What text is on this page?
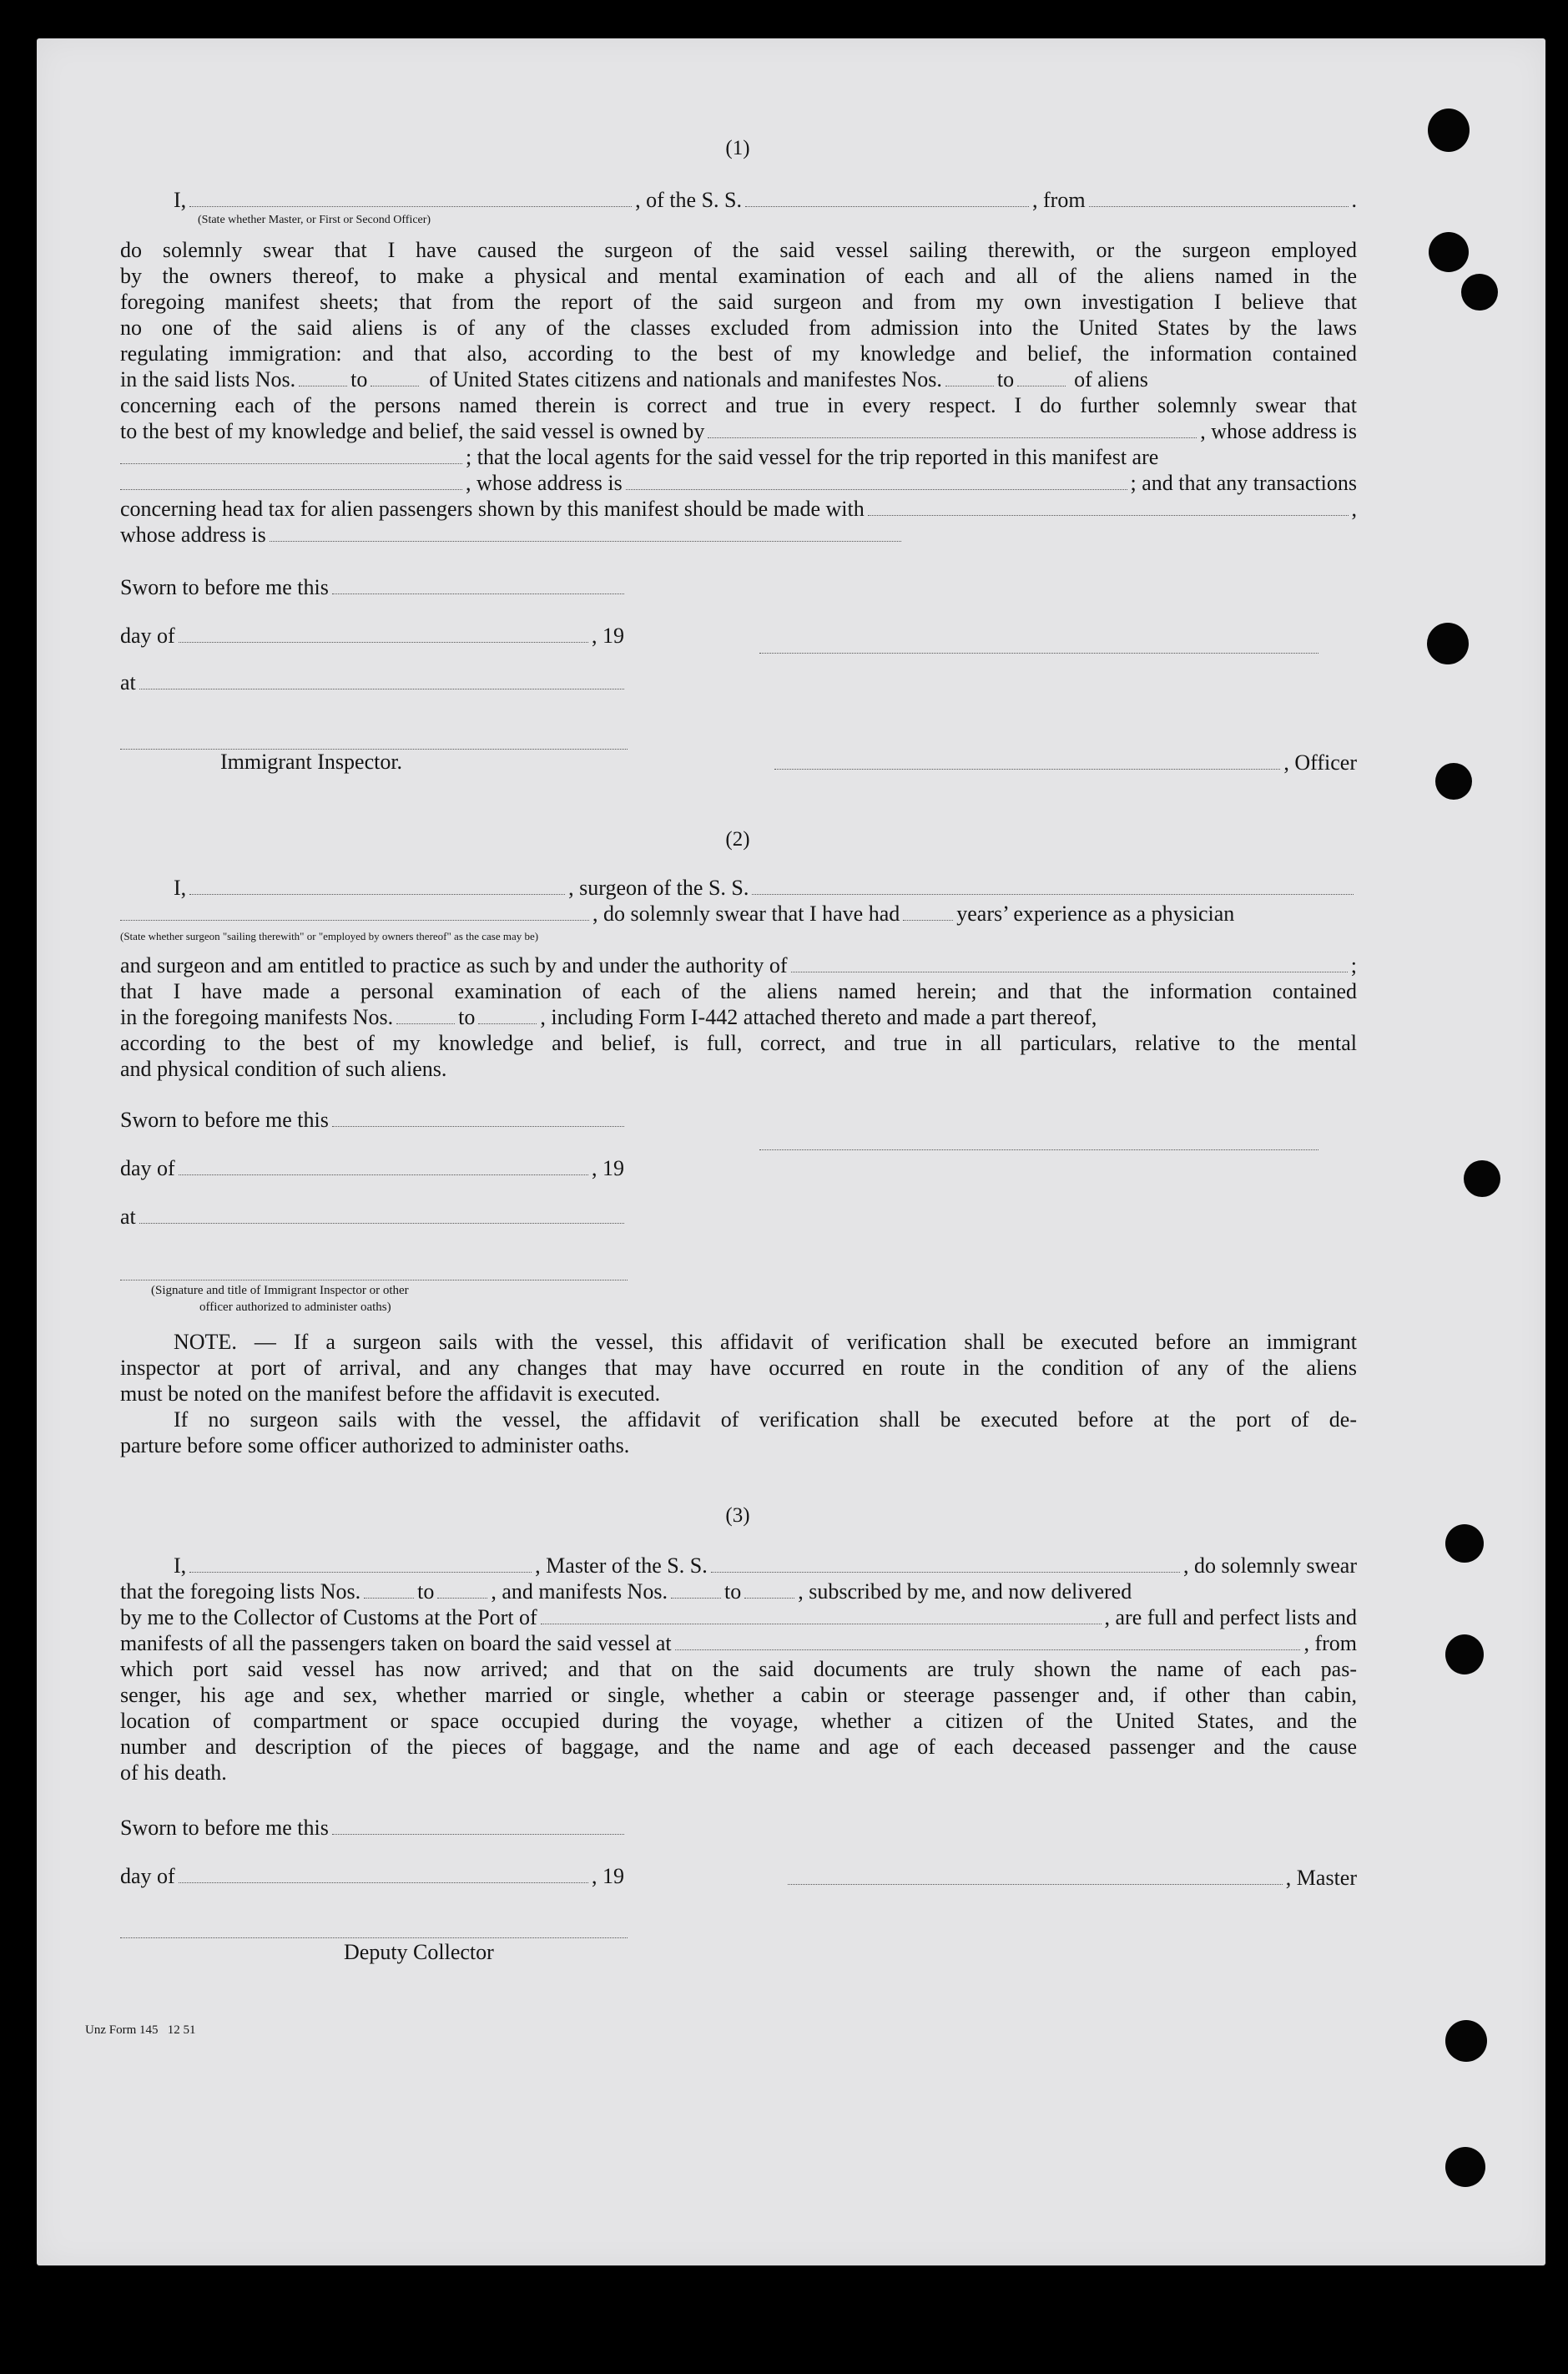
(1)
I,	, of the S. S.	, from	.
(State whether Master, or First or Second Officer)

do solemnly swear that I have caused the surgeon of the said vessel sailing therewith, or the surgeon employed

by the owners thereof, to make a physical and mental examination of each and all of the aliens named in the

foregoing manifest sheets; that from the report of the said surgeon and from my own investigation I believe that

no one of the said aliens is of any of the classes excluded from admission into the United States by the laws

regulating immigration: and that also, according to the best of my knowledge and belief, the information contained

in the said lists Nos.	to	of United States citizens and nationals and manifestes Nos.	to	of aliens

concerning each of the persons named therein is correct and true in every respect. I do further solemnly swear that

to the best of my knowledge and belief, the said vessel is owned by	, whose address is
; that the local agents for the said vessel for the trip reported in this manifest are
, whose address is	; and that any transactions
concerning head tax for alien passengers shown by this manifest should be made with	,
whose address is
Sworn to before me this
day of	, 19
at
Immigrant Inspector.	, Officer
(2)
I,	, surgeon of the S. S.
, do solemnly swear that I have had	years’ experience as a physician
(State whether surgeon "sailing therewith" or "employed by owners thereof" as the case may be)
and surgeon and am entitled to practice as such by and under the authority of	;

that I have made a personal examination of each of the aliens named herein; and that the information contained

in the foregoing manifests Nos.	to	, including Form I-442 attached thereto and made a part thereof,

according to the best of my knowledge and belief, is full, correct, and true in all particulars, relative to the mental

and physical condition of such aliens.

Sworn to before me this
day of	, 19
at
(Signature and title of Immigrant Inspector or other
officer authorized to administer oaths)

NOTE. — If a surgeon sails with the vessel, this affidavit of verification shall be executed before an immigrant

inspector at port of arrival, and any changes that may have occurred en route in the condition of any of the aliens

must be noted on the manifest before the affidavit is executed.

If no surgeon sails with the vessel, the affidavit of verification shall be executed before at the port of de-

parture before some officer authorized to administer oaths.

(3)
I,	, Master of the S. S.	, do solemnly swear
that the foregoing lists Nos.	to	, and manifests Nos.	to	, subscribed by me, and now delivered
by me to the Collector of Customs at the Port of	, are full and perfect lists and
manifests of all the passengers taken on board the said vessel at	, from

which port said vessel has now arrived; and that on the said documents are truly shown the name of each pas-

senger, his age and sex, whether married or single, whether a cabin or steerage passenger and, if other than cabin,

location of compartment or space occupied during the voyage, whether a citizen of the United States, and the

number and description of the pieces of baggage, and the name and age of each deceased passenger and the cause

of his death.

Sworn to before me this
day of	, 19	, Master
Deputy Collector
Unz Form 145   12 51
